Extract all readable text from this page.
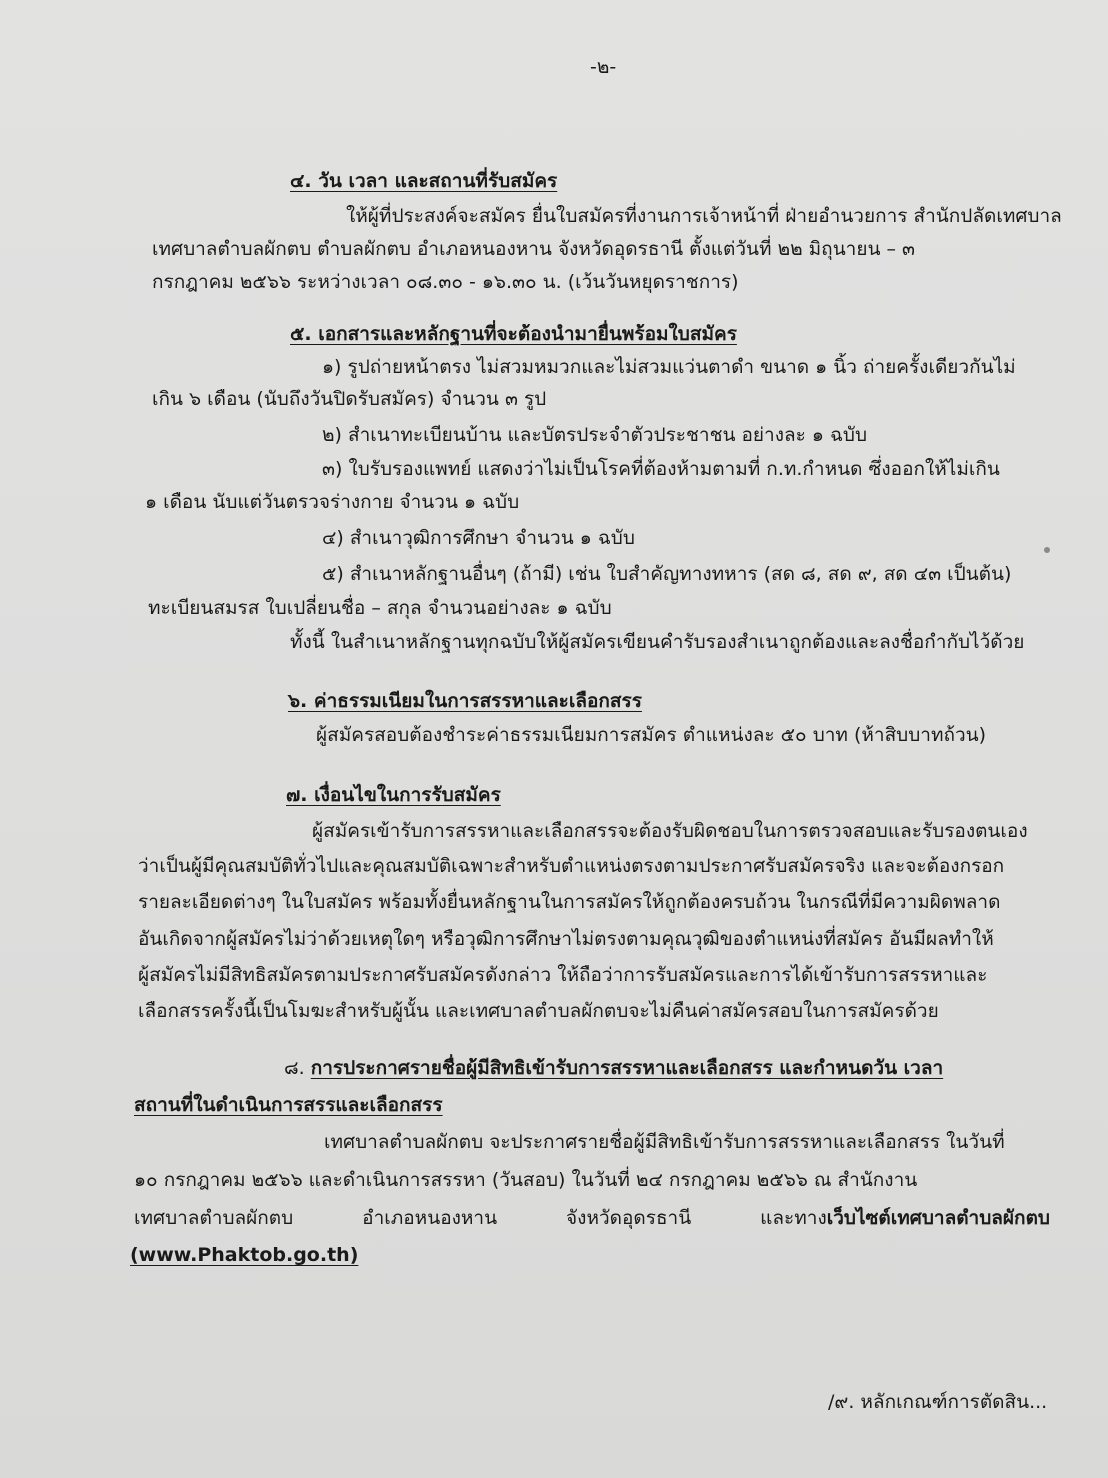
-๒-
๔. วัน เวลา และสถานที่รับสมัคร
ให้ผู้ที่ประสงค์จะสมัคร ยื่นใบสมัครที่งานการเจ้าหน้าที่ ฝ่ายอำนวยการ สำนักปลัดเทศบาล
เทศบาลตำบลผักตบ ตำบลผักตบ อำเภอหนองหาน จังหวัดอุดรธานี ตั้งแต่วันที่ ๒๒ มิถุนายน – ๓
กรกฎาคม ๒๕๖๖ ระหว่างเวลา ๐๘.๓๐ - ๑๖.๓๐ น. (เว้นวันหยุดราชการ)
๕. เอกสารและหลักฐานที่จะต้องนำมายื่นพร้อมใบสมัคร
๑) รูปถ่ายหน้าตรง ไม่สวมหมวกและไม่สวมแว่นตาดำ ขนาด ๑ นิ้ว ถ่ายครั้งเดียวกันไม่
เกิน ๖ เดือน (นับถึงวันปิดรับสมัคร) จำนวน ๓ รูป
๒) สำเนาทะเบียนบ้าน และบัตรประจำตัวประชาชน อย่างละ ๑ ฉบับ
๓) ใบรับรองแพทย์ แสดงว่าไม่เป็นโรคที่ต้องห้ามตามที่ ก.ท.กำหนด ซึ่งออกให้ไม่เกิน
๑ เดือน นับแต่วันตรวจร่างกาย จำนวน ๑ ฉบับ
๔) สำเนาวุฒิการศึกษา จำนวน ๑ ฉบับ
๕) สำเนาหลักฐานอื่นๆ (ถ้ามี) เช่น ใบสำคัญทางทหาร (สด ๘, สด ๙, สด ๔๓ เป็นต้น)
ทะเบียนสมรส ใบเปลี่ยนชื่อ – สกุล จำนวนอย่างละ ๑ ฉบับ
ทั้งนี้ ในสำเนาหลักฐานทุกฉบับให้ผู้สมัครเขียนคำรับรองสำเนาถูกต้องและลงชื่อกำกับไว้ด้วย
๖. ค่าธรรมเนียมในการสรรหาและเลือกสรร
ผู้สมัครสอบต้องชำระค่าธรรมเนียมการสมัคร ตำแหน่งละ ๕๐ บาท (ห้าสิบบาทถ้วน)
๗. เงื่อนไขในการรับสมัคร
ผู้สมัครเข้ารับการสรรหาและเลือกสรรจะต้องรับผิดชอบในการตรวจสอบและรับรองตนเอง
ว่าเป็นผู้มีคุณสมบัติทั่วไปและคุณสมบัติเฉพาะสำหรับตำแหน่งตรงตามประกาศรับสมัครจริง และจะต้องกรอก
รายละเอียดต่างๆ ในใบสมัคร พร้อมทั้งยื่นหลักฐานในการสมัครให้ถูกต้องครบถ้วน ในกรณีที่มีความผิดพลาด
อันเกิดจากผู้สมัครไม่ว่าด้วยเหตุใดๆ หรือวุฒิการศึกษาไม่ตรงตามคุณวุฒิของตำแหน่งที่สมัคร อันมีผลทำให้
ผู้สมัครไม่มีสิทธิสมัครตามประกาศรับสมัครดังกล่าว ให้ถือว่าการรับสมัครและการได้เข้ารับการสรรหาและ
เลือกสรรครั้งนี้เป็นโมฆะสำหรับผู้นั้น และเทศบาลตำบลผักตบจะไม่คืนค่าสมัครสอบในการสมัครด้วย
๘. การประกาศรายชื่อผู้มีสิทธิเข้ารับการสรรหาและเลือกสรร และกำหนดวัน เวลา
สถานที่ในดำเนินการสรรและเลือกสรร
เทศบาลตำบลผักตบ จะประกาศรายชื่อผู้มีสิทธิเข้ารับการสรรหาและเลือกสรร ในวันที่
๑๐ กรกฎาคม ๒๕๖๖ และดำเนินการสรรหา (วันสอบ) ในวันที่ ๒๔ กรกฎาคม ๒๕๖๖ ณ สำนักงาน
เทศบาลตำบลผักตบ	อำเภอหนองหาน	จังหวัดอุดรธานี	และทางเว็บไซต์เทศบาลตำบลผักตบ
(www.Phaktob.go.th)
/๙. หลักเกณฑ์การตัดสิน...
